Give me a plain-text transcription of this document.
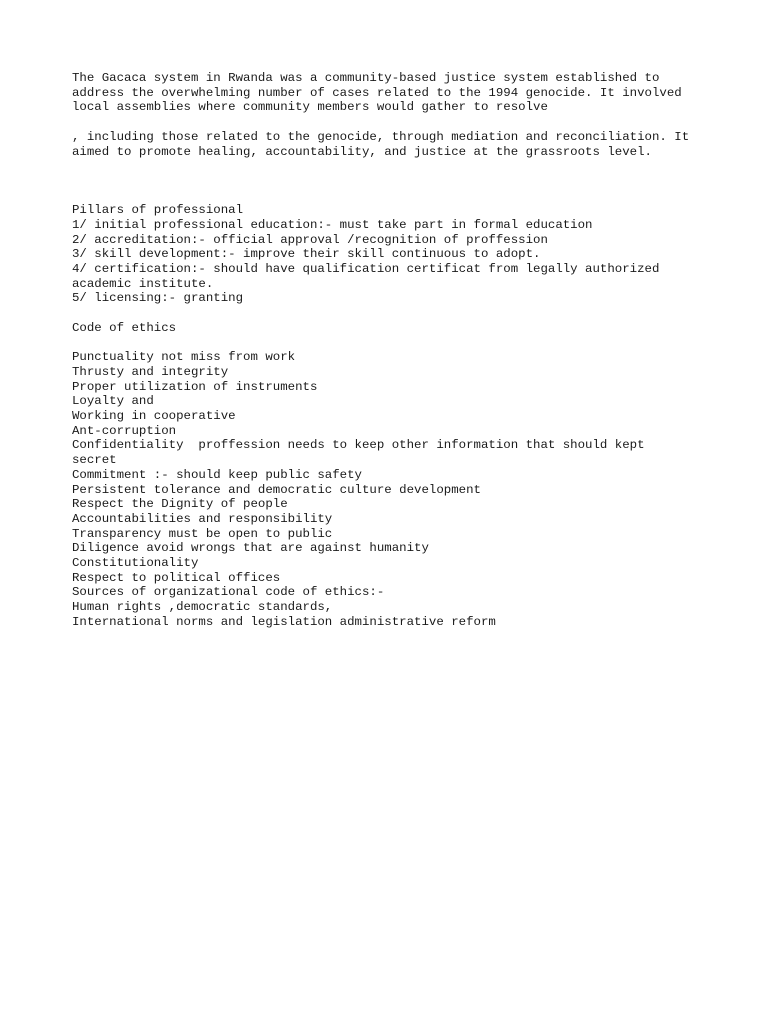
The Gacaca system in Rwanda was a community-based justice system established to
address the overwhelming number of cases related to the 1994 genocide. It involved
local assemblies where community members would gather to resolve
, including those related to the genocide, through mediation and reconciliation. It
aimed to promote healing, accountability, and justice at the grassroots level.
Pillars of professional
1/ initial professional education:- must take part in formal education
2/ accreditation:- official approval /recognition of proffession
3/ skill development:- improve their skill continuous to adopt.
4/ certification:- should have qualification certificat from legally authorized
academic institute.
5/ licensing:- granting
Code of ethics
Punctuality not miss from work
Thrusty and integrity
Proper utilization of instruments
Loyalty and
Working in cooperative
Ant-corruption
Confidentiality  proffession needs to keep other information that should kept
secret
Commitment :- should keep public safety
Persistent tolerance and democratic culture development
Respect the Dignity of people
Accountabilities and responsibility
Transparency must be open to public
Diligence avoid wrongs that are against humanity
Constitutionality
Respect to political offices
Sources of organizational code of ethics:-
Human rights ,democratic standards,
International norms and legislation administrative reform
